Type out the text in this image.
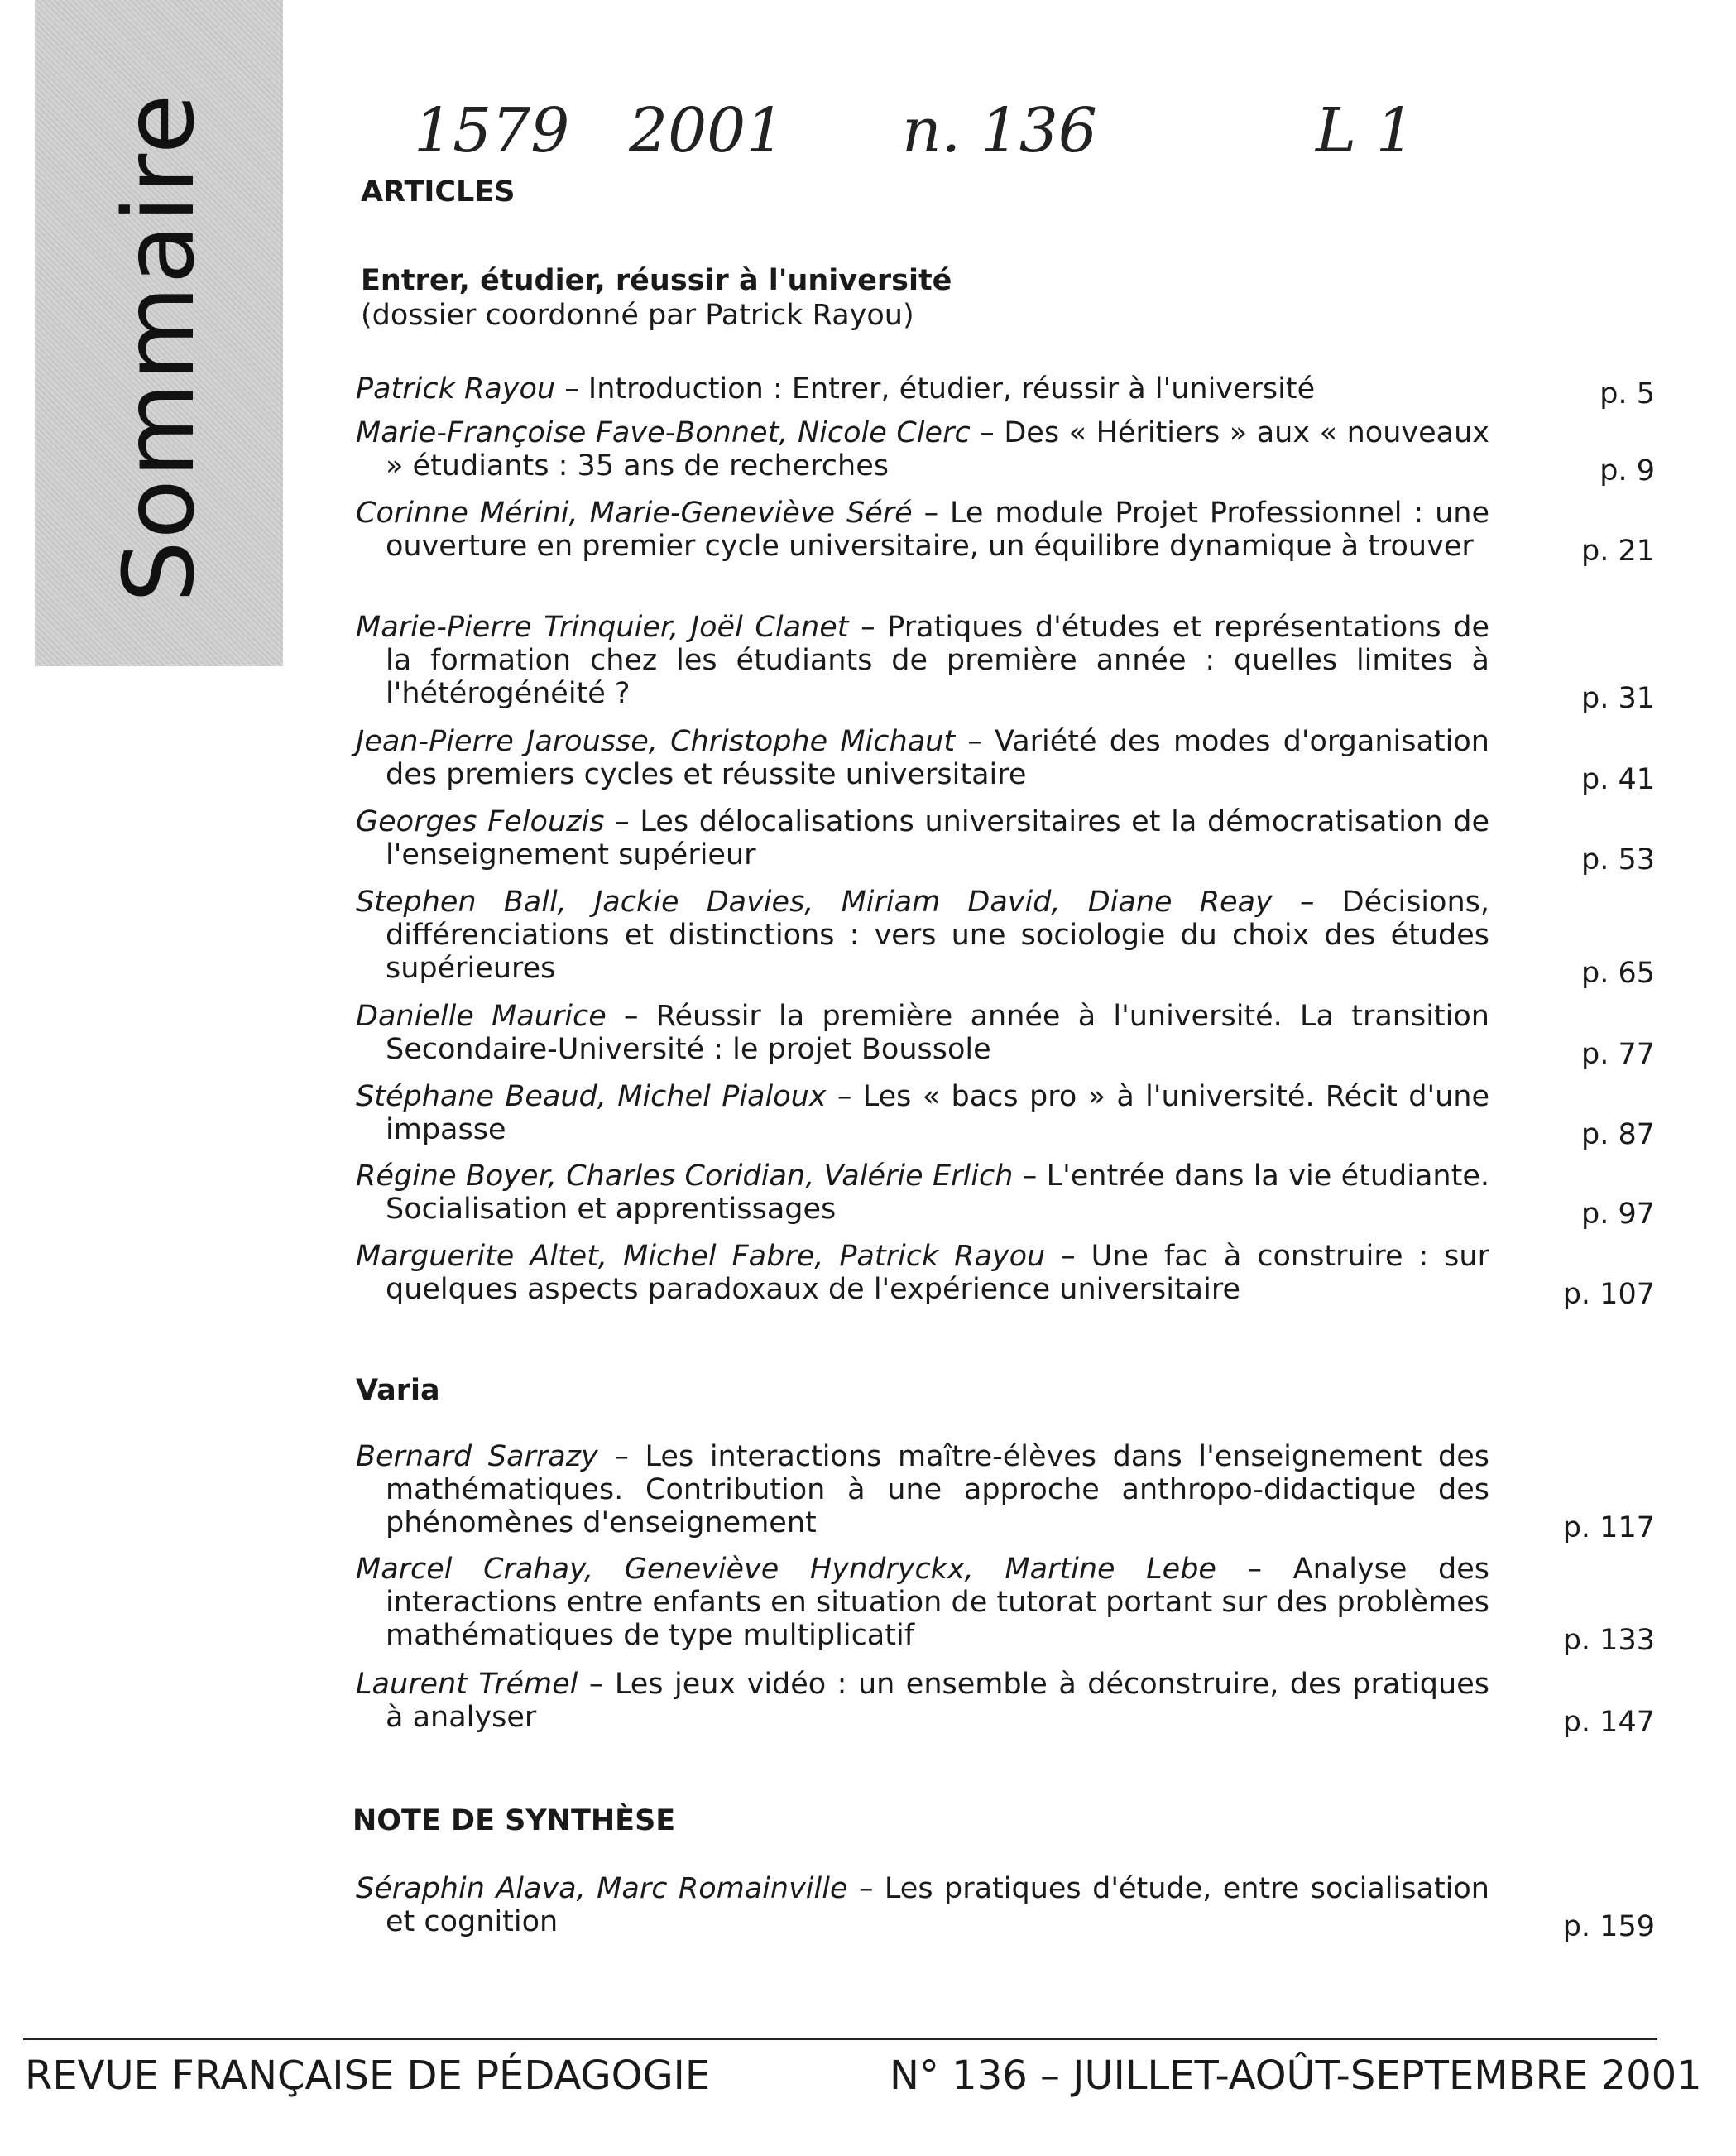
Sommaire	1579 2001 n. 136	L 1
ARTICLES
Entrer, étudier, réussir à l'université
(dossier coordonné par Patrick Rayou)
Patrick Rayou – Introduction : Entrer, étudier, réussir à l'université	p. 5
Marie-Françoise Fave-Bonnet, Nicole Clerc – Des « Héritiers » aux « nouveaux » étudiants : 35 ans de recherches	p. 9
Corinne Mérini, Marie-Geneviève Séré – Le module Projet Professionnel : une ouverture en premier cycle universitaire, un équilibre dynamique à trouver	p. 21
Marie-Pierre Trinquier, Joël Clanet – Pratiques d'études et représentations de la formation chez les étudiants de première année : quelles limites à l'hétérogénéité ?	p. 31
Jean-Pierre Jarousse, Christophe Michaut – Variété des modes d'organisation des premiers cycles et réussite universitaire	p. 41
Georges Felouzis – Les délocalisations universitaires et la démocratisation de l'enseignement supérieur	p. 53
Stephen Ball, Jackie Davies, Miriam David, Diane Reay – Décisions, différenciations et distinctions : vers une sociologie du choix des études supérieures	p. 65
Danielle Maurice – Réussir la première année à l'université. La transition Secondaire-Université : le projet Boussole	p. 77
Stéphane Beaud, Michel Pialoux – Les « bacs pro » à l'université. Récit d'une impasse	p. 87
Régine Boyer, Charles Coridian, Valérie Erlich – L'entrée dans la vie étudiante. Socialisation et apprentissages	p. 97
Marguerite Altet, Michel Fabre, Patrick Rayou – Une fac à construire : sur quelques aspects paradoxaux de l'expérience universitaire	p. 107
Varia
Bernard Sarrazy – Les interactions maître-élèves dans l'enseignement des mathématiques. Contribution à une approche anthropo-didactique des phénomènes d'enseignement	p. 117
Marcel Crahay, Geneviève Hyndryckx, Martine Lebe – Analyse des interactions entre enfants en situation de tutorat portant sur des problèmes mathématiques de type multiplicatif	p. 133
Laurent Trémel – Les jeux vidéo : un ensemble à déconstruire, des pratiques à analyser	p. 147
NOTE DE SYNTHÈSE
Séraphin Alava, Marc Romainville – Les pratiques d'étude, entre socialisation et cognition	p. 159
REVUE FRANÇAISE DE PÉDAGOGIE	N° 136 – JUILLET-AOÛT-SEPTEMBRE 2001
